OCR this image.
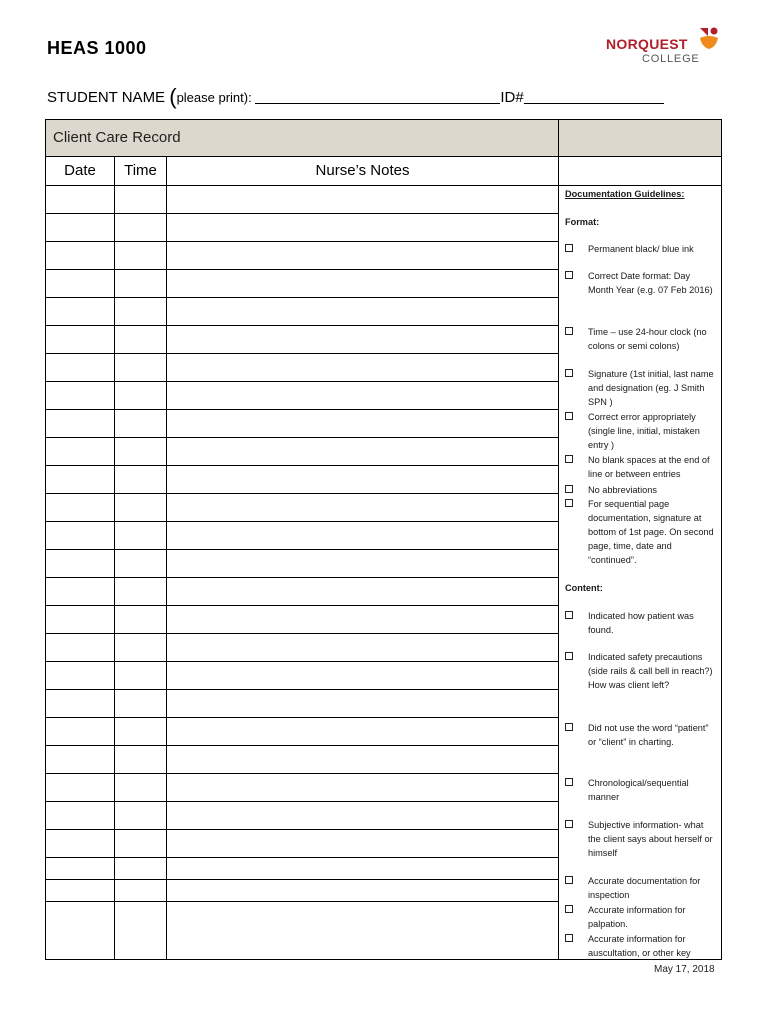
HEAS 1000	NORQUEST
COLLEGE
STUDENT NAME (please print):	ID#
Client Care Record
Date	Time	Nurse’s Notes
Documentation Guidelines:
Format:
Permanent black/ blue ink
Correct Date format: Day Month Year (e.g. 07 Feb 2016)
Time – use 24-hour clock (no colons or semi colons)
Signature (1st initial, last name and designation (eg. J Smith SPN )
Correct error appropriately (single line, initial, mistaken entry )
No blank spaces at the end of line or between entries
No abbreviations
For sequential page documentation, signature at bottom of 1st page. On second page, time, date and “continued”.
Content:
Indicated how patient was found.
Indicated safety precautions (side rails & call bell in reach?) How was client left?
Did not use the word “patient” or “client” in charting.
Chronological/sequential manner
Subjective information- what the client says about herself or himself
Accurate documentation for inspection
Accurate information for palpation.
Accurate information for auscultation, or other key
May 17, 2018
